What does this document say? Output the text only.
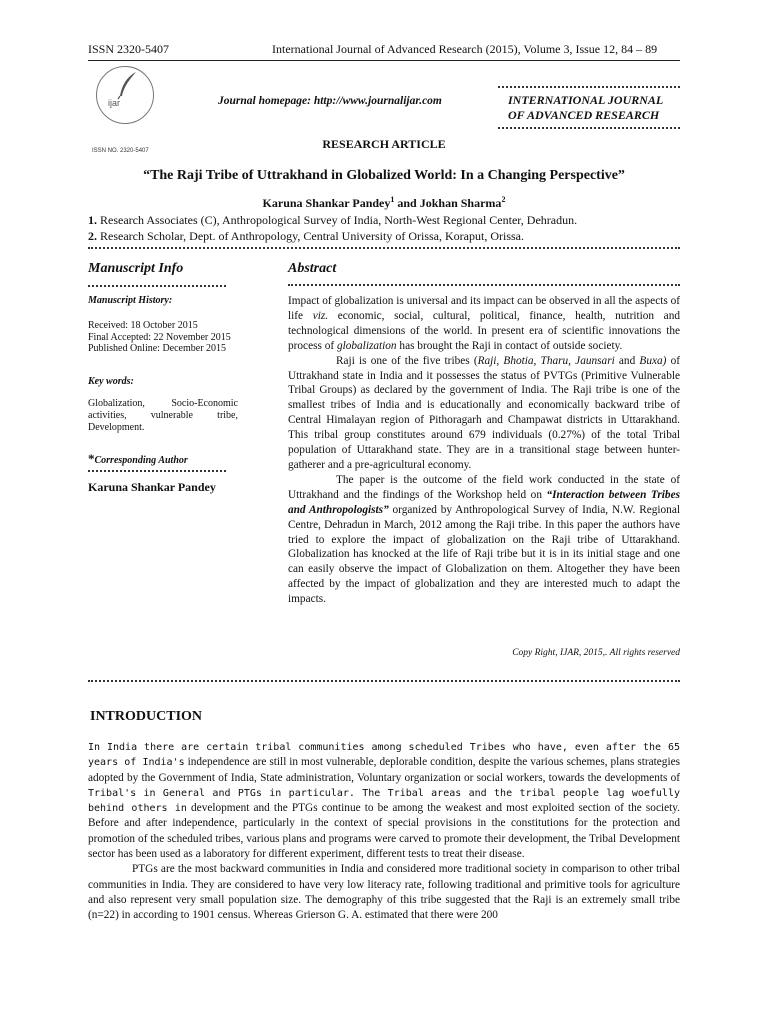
ISSN 2320-5407	International Journal of Advanced Research (2015), Volume 3, Issue 12, 84 – 89
ijar
ISSN NO. 2320-5407
Journal homepage: http://www.journalijar.com	INTERNATIONAL JOURNAL
OF ADVANCED RESEARCH
RESEARCH ARTICLE
“The Raji Tribe of Uttrakhand in Globalized World: In a Changing Perspective”
Karuna Shankar Pandey$^1$ and Jokhan Sharma$^2$
1. Research Associates (C), Anthropological Survey of India, North-West Regional Center, Dehradun.
2. Research Scholar, Dept. of Anthropology, Central University of Orissa, Koraput, Orissa.
Manuscript Info
Manuscript History:
Received: 18 October 2015
Final Accepted: 22 November 2015
Published Online: December 2015
Key words:
Globalization, Socio-Economic activities, vulnerable tribe, Development.
*Corresponding Author
Karuna Shankar Pandey
Abstract

Impact of globalization is universal and its impact can be observed in all the aspects of life viz. economic, social, cultural, political, finance, health, nutrition and technological dimensions of the world. In present era of scientific innovations the process of globalization has brought the Raji in contact of outside society.

Raji is one of the five tribes (Raji, Bhotia, Tharu, Jaunsari and Buxa) of Uttrakhand state in India and it possesses the status of PVTGs (Primitive Vulnerable Tribal Groups) as declared by the government of India. The Raji tribe is one of the smallest tribes of India and is educationally and economically backward tribe of Central Himalayan region of Pithoragarh and Champawat districts in Uttarakhand. This tribal group constitutes around 679 individuals (0.27%) of the total Tribal population of Uttarakhand state. They are in a transitional stage between hunter-gatherer and a pre-agricultural economy.

The paper is the outcome of the field work conducted in the state of Uttrakhand and the findings of the Workshop held on “Interaction between Tribes and Anthropologists” organized by Anthropological Survey of India, N.W. Regional Centre, Dehradun in March, 2012 among the Raji tribe. In this paper the authors have tried to explore the impact of globalization on the Raji tribe of Uttarakhand. Globalization has knocked at the life of Raji tribe but it is in its initial stage and one can easily observe the impact of Globalization on them. Altogether they have been affected by the impact of globalization and they are interested much to adapt the impacts.

Copy Right, IJAR, 2015,. All rights reserved
INTRODUCTION

In India there are certain tribal communities among scheduled Tribes who have, even after the 65 years of India's independence are still in most vulnerable, deplorable condition, despite the various schemes, plans strategies adopted by the Government of India, State administration, Voluntary organization or social workers, towards the developments of Tribal's in General and PTGs in particular. The Tribal areas and the tribal people lag woefully behind others in development and the PTGs continue to be among the weakest and most exploited section of the society. Before and after independence, particularly in the context of special provisions in the constitutions for the protection and promotion of the scheduled tribes, various plans and programs were carved to promote their development, the Tribal Development sector has been used as a laboratory for different experiment, different tests to treat their disease.

PTGs are the most backward communities in India and considered more traditional society in comparison to other tribal communities in India. They are considered to have very low literacy rate, following traditional and primitive tools for agriculture and also represent very small population size. The demography of this tribe suggested that the Raji is an extremely small tribe (n=22) in according to 1901 census. Whereas Grierson G. A. estimated that there were 200
